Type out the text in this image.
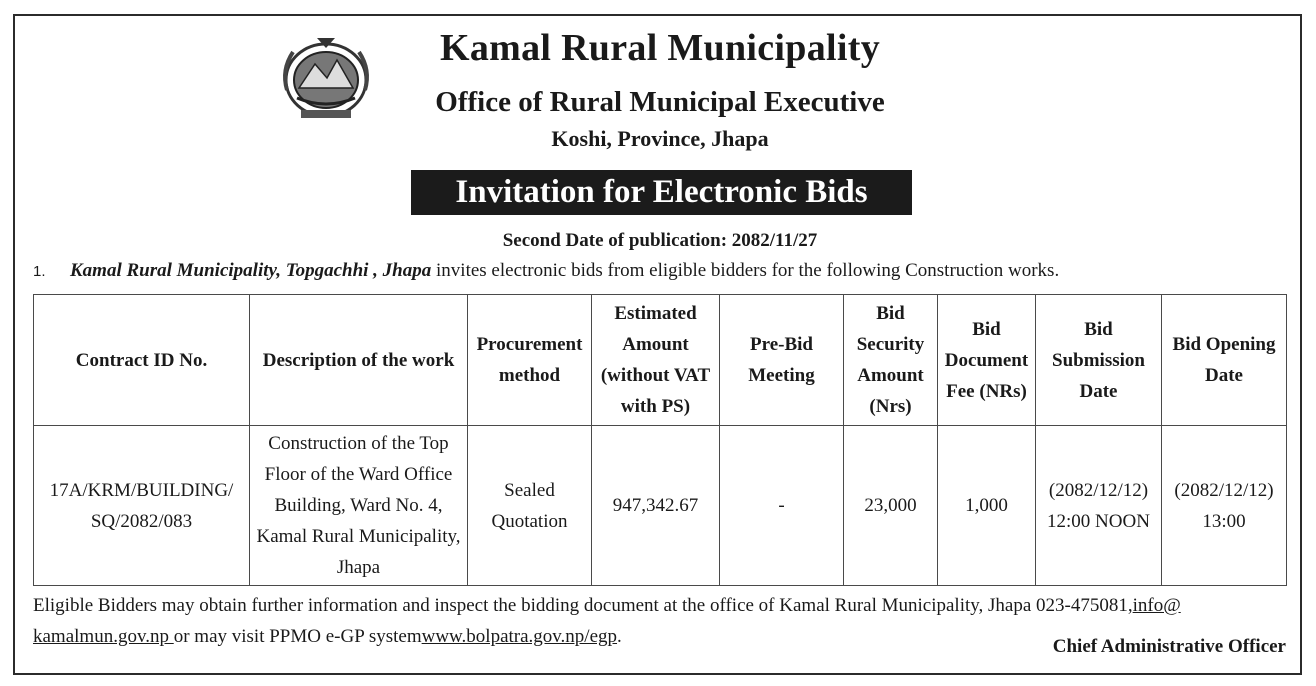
Kamal Rural Municipality
Office of Rural Municipal Executive
Koshi, Province, Jhapa
Invitation for Electronic Bids
Second Date of publication: 2082/11/27
1. Kamal Rural Municipality, Topgachhi , Jhapa invites electronic bids from eligible bidders for the following Construction works.
Contract ID No.	Description of the work	Procurement method	Estimated Amount (without VAT with PS)	Pre-Bid Meeting	Bid Security Amount (Nrs)	Bid Document Fee (NRs)	Bid Submission Date	Bid Opening Date
17A/KRM/BUILDING/ SQ/2082/083	Construction of the Top Floor of the Ward Office Building, Ward No. 4, Kamal Rural Municipality, Jhapa	Sealed Quotation	947,342.67	-	23,000	1,000	(2082/12/12) 12:00 NOON	(2082/12/12) 13:00
Eligible Bidders may obtain further information and inspect the bidding document at the office of Kamal Rural Municipality, Jhapa 023-475081,info@
kamalmun.gov.np or may visit PPMO e-GP systemwww.bolpatra.gov.np/egp.	Chief Administrative Officer
